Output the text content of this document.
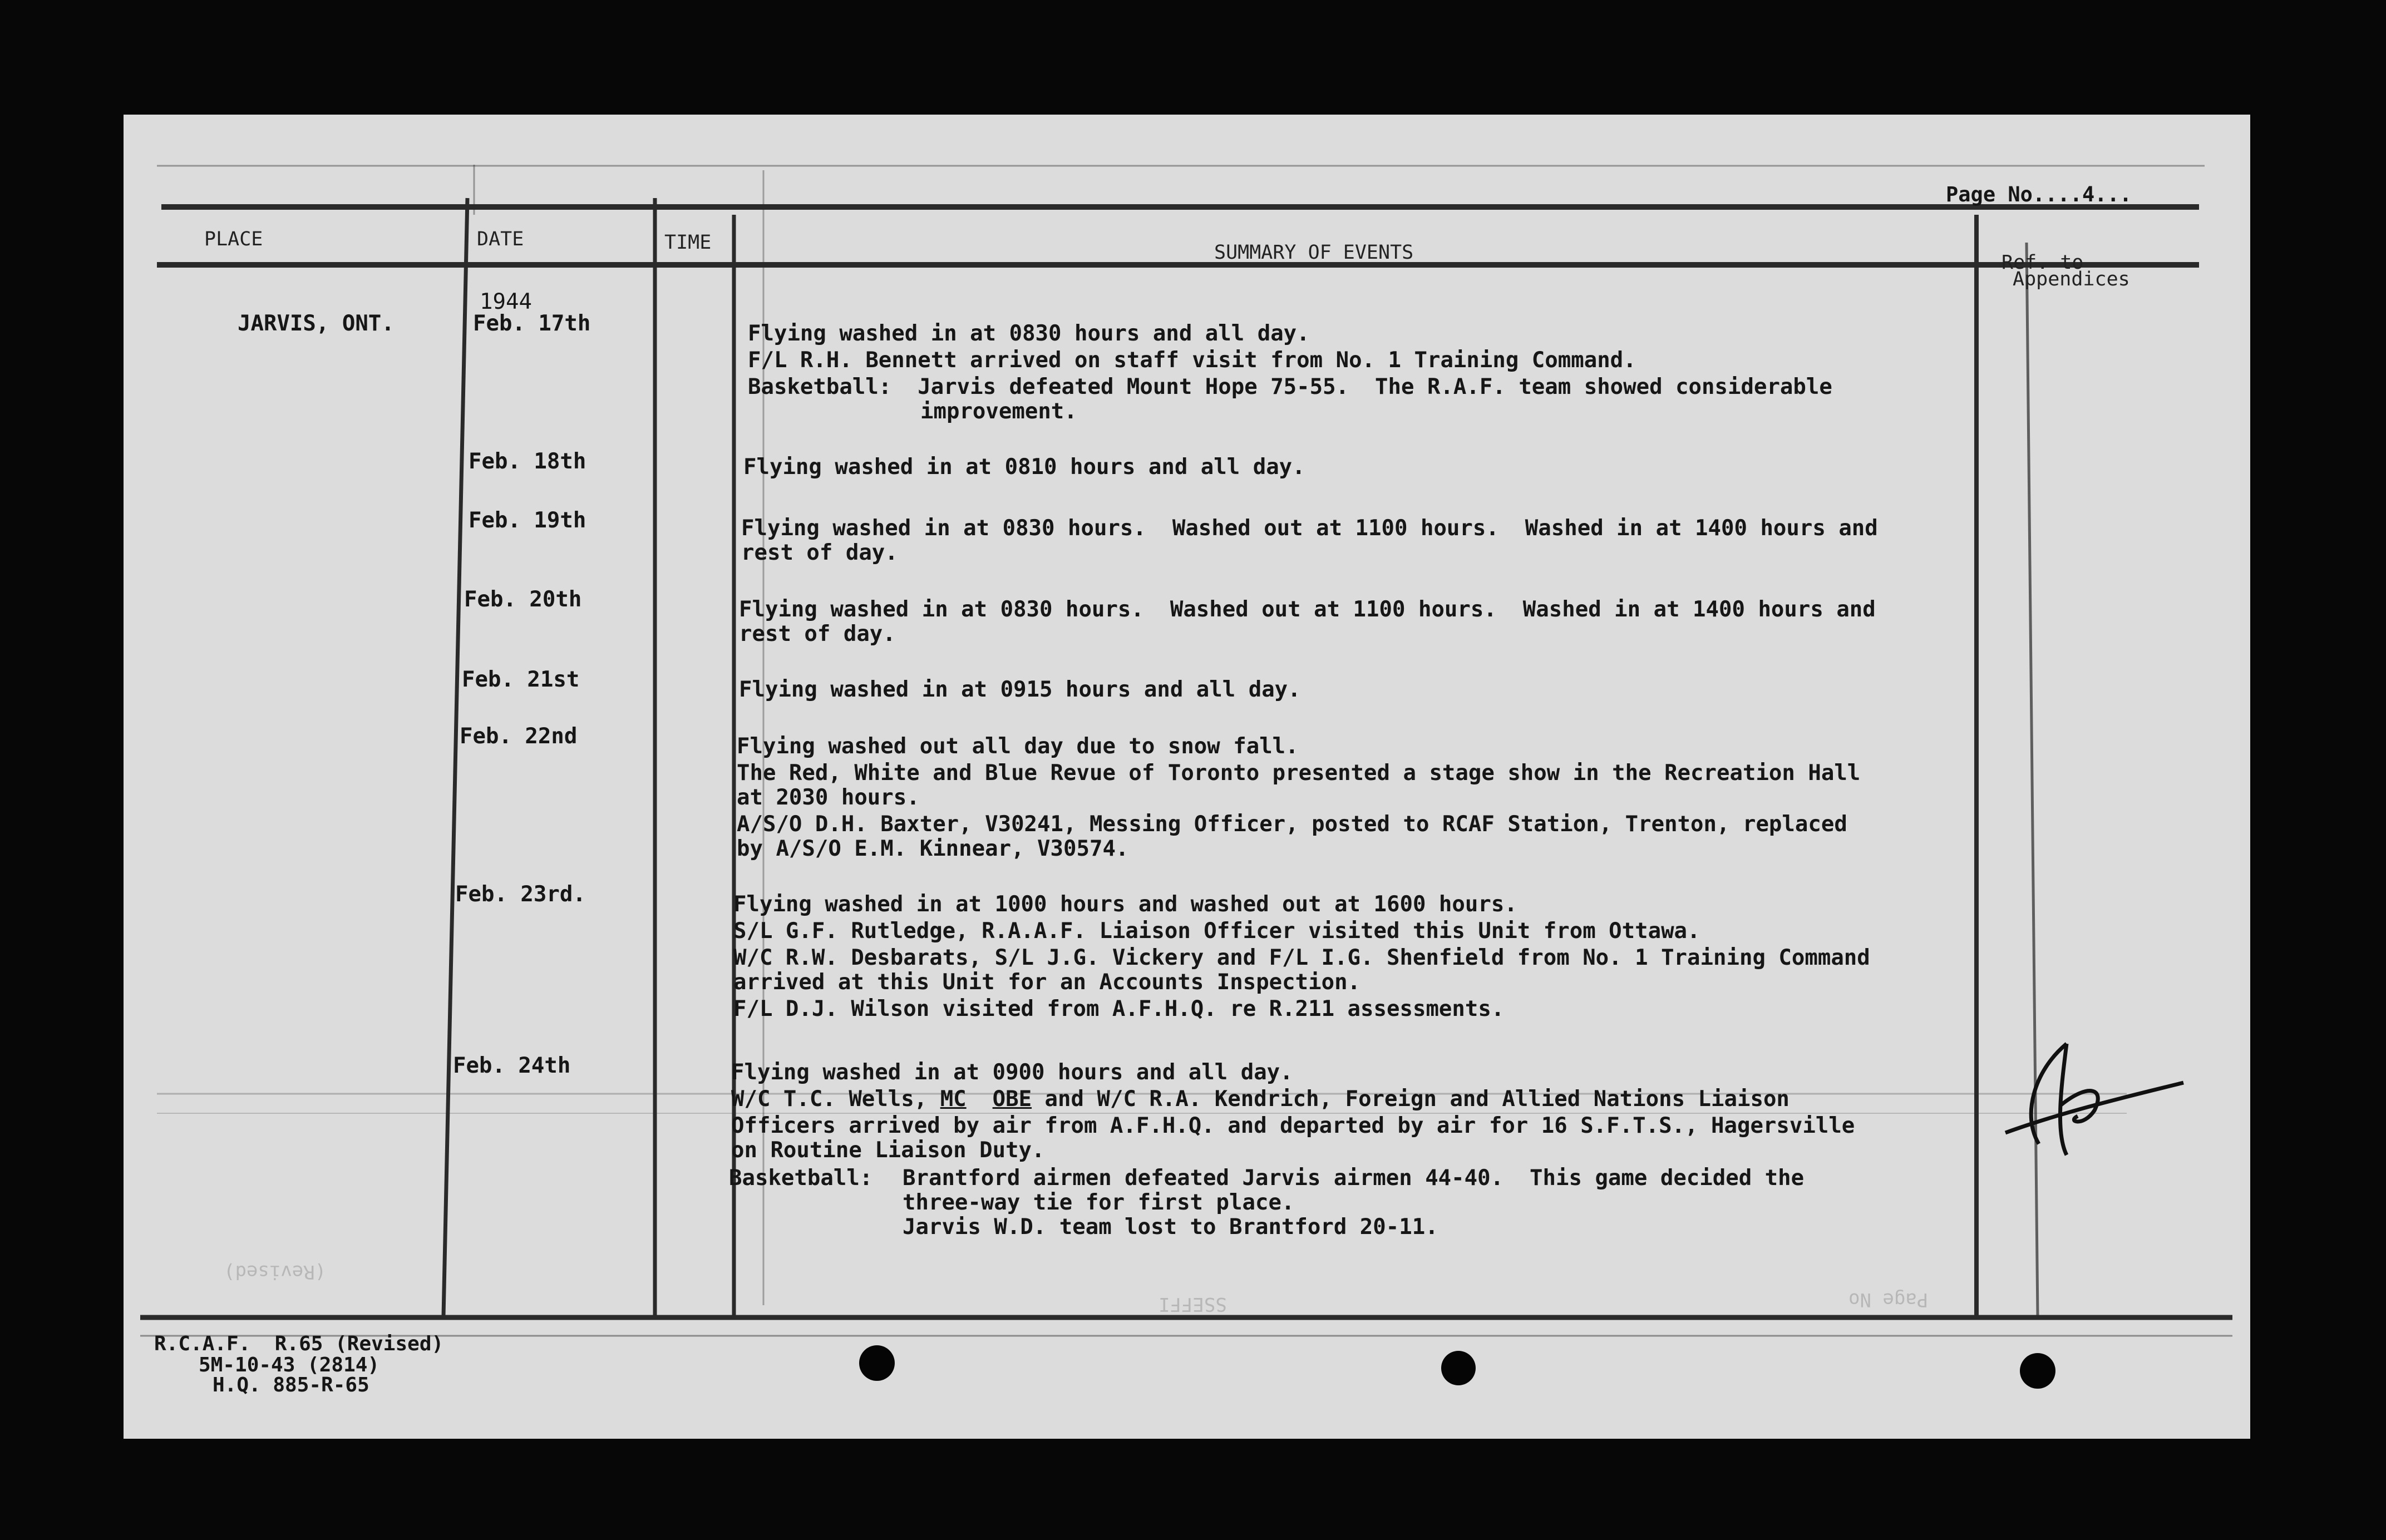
Page No....4...
PLACE	DATE	TIME	SUMMARY OF EVENTS	Ref. to
Appendices
JARVIS, ONT.
1944
Feb. 17th	Flying washed in at 0830 hours and all day.
F/L R.H. Bennett arrived on staff visit from No. 1 Training Command.
Basketball:  Jarvis defeated Mount Hope 75-55.  The R.A.F. team showed considerable
improvement.
Feb. 18th	Flying washed in at 0810 hours and all day.
Feb. 19th	Flying washed in at 0830 hours.  Washed out at 1100 hours.  Washed in at 1400 hours and
rest of day.
Feb. 20th	Flying washed in at 0830 hours.  Washed out at 1100 hours.  Washed in at 1400 hours and
rest of day.
Feb. 21st	Flying washed in at 0915 hours and all day.
Feb. 22nd	Flying washed out all day due to snow fall.
The Red, White and Blue Revue of Toronto presented a stage show in the Recreation Hall
at 2030 hours.
A/S/O D.H. Baxter, V30241, Messing Officer, posted to RCAF Station, Trenton, replaced
by A/S/O E.M. Kinnear, V30574.
Feb. 23rd.	Flying washed in at 1000 hours and washed out at 1600 hours.
S/L G.F. Rutledge, R.A.A.F. Liaison Officer visited this Unit from Ottawa.
W/C R.W. Desbarats, S/L J.G. Vickery and F/L I.G. Shenfield from No. 1 Training Command
arrived at this Unit for an Accounts Inspection.
F/L D.J. Wilson visited from A.F.H.Q. re R.211 assessments.
Feb. 24th	Flying washed in at 0900 hours and all day.
W/C T.C. Wells, MC OBE and W/C R.A. Kendrich, Foreign and Allied Nations Liaison
Officers arrived by air from A.F.H.Q. and departed by air for 16 S.F.T.S., Hagersville
on Routine Liaison Duty.
Basketball: Brantford airmen defeated Jarvis airmen 44-40.  This game decided the
three-way tie for first place.
Jarvis W.D. team lost to Brantford 20-11.
SSEFFI	Page No
(Revised)
R.C.A.F.  R.65 (Revised)
5M-10-43 (2814)
H.Q. 885-R-65
